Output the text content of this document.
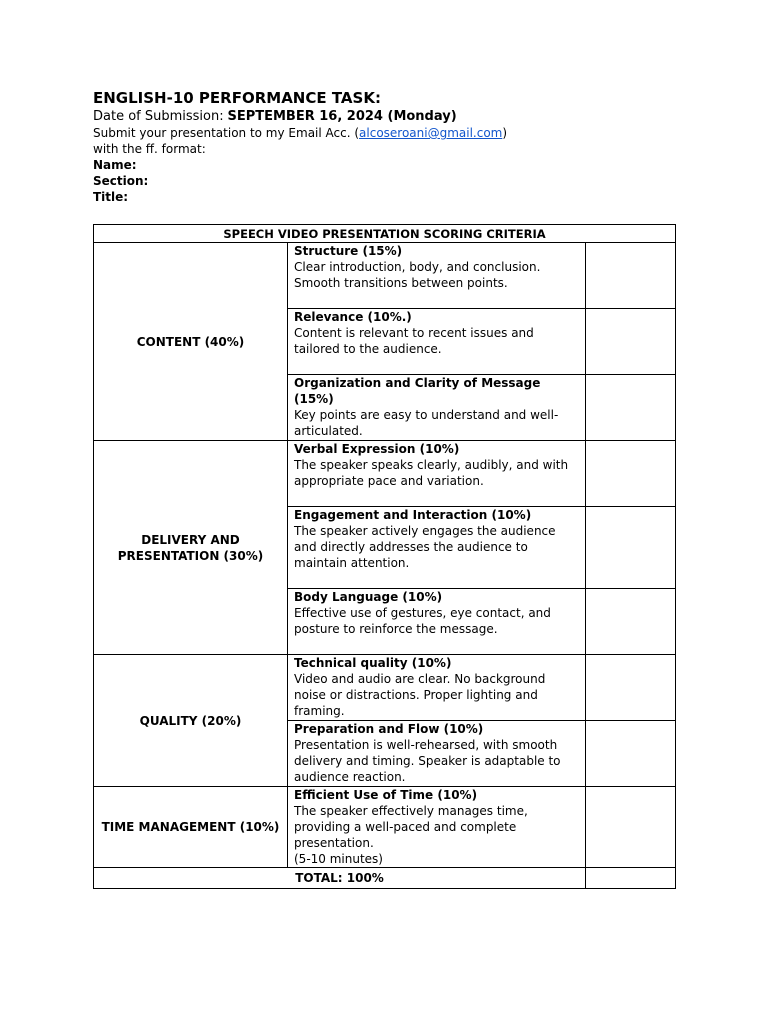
ENGLISH-10 PERFORMANCE TASK:

Date of Submission: SEPTEMBER 16, 2024 (Monday)

Submit your presentation to my Email Acc. (alcoseroani@gmail.com)

with the ff. format:

Name:

Section:

Title:

SPEECH VIDEO PRESENTATION SCORING CRITERIA		
CONTENT (40%)	Structure (15%)
Clear introduction, body, and conclusion. Smooth transitions between points.	

	Relevance (10%.)
Content is relevant to recent issues and tailored to the audience.	

	Organization and Clarity of Message (15%)
Key points are easy to understand and well-articulated.	

DELIVERY AND PRESENTATION (30%)	Verbal Expression (10%)
The speaker speaks clearly, audibly, and with appropriate pace and variation.	

	Engagement and Interaction (10%)
The speaker actively engages the audience and directly addresses the audience to maintain attention.	

	Body Language (10%)
Effective use of gestures, eye contact, and posture to reinforce the message.	

QUALITY (20%)	Technical quality (10%)
Video and audio are clear. No background noise or distractions. Proper lighting and framing.	

	Preparation and Flow (10%)
Presentation is well-rehearsed, with smooth delivery and timing. Speaker is adaptable to audience reaction.	

TIME MANAGEMENT (10%)	Efficient Use of Time (10%)
The speaker effectively manages time, providing a well-paced and complete presentation.
(5-10 minutes)	

TOTAL: 100%		
